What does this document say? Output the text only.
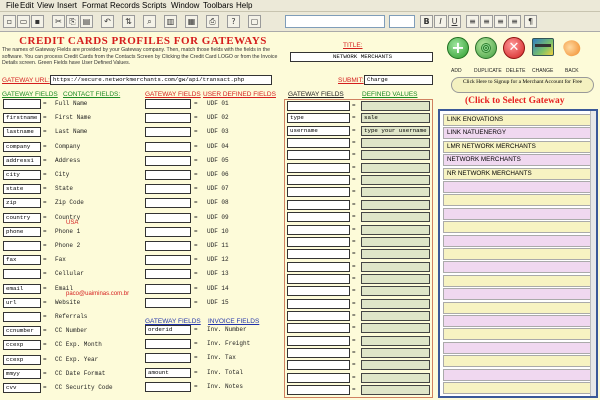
File Edit View Insert Format Records Scripts Window Toolbars Help
▫ ▭ ▪	✂ ⎘ ▤	↶	⇅	⌕	▥	▦	⎙	?	▢	B	I	U	≡ ≡ ≡ ≡	¶
CREDIT CARDS PROFILES FOR GATEWAYS
The names of Gateway Fields are provided by your Gateway company. Then, match those fields with the fields in the software. You can process Credit Cards from the Contacts Screen by Clicking the Credit Card LOGO or from the Invoice Details screen. Green Fields have User Defined Values.
TITLE:
NETWORK MERCHANTS
GATEWAY URL: https://secure.networkmerchants.com/gw/api/transact.php	SUBMIT: Charge
GATEWAY FIELDS CONTACT FIELDS:	GATEWAY FIELDS USER DEFINED FIELDS GATEWAY FIELDS	DEFINED VALUES
= Full Name
firstname = First Name
lastname	= Last Name
company	= Company
address1	= Address
city	= City
state	= State
zip	= Zip Code
country	= Country
USA
phone	= Phone 1
= Phone 2
fax	= Fax
= Cellular
email	= Email
paco@uaiminas.com.br
url	= Website
= Referrals
ccnumber	= CC Number
ccexp	= CC Exp. Month
ccexp	= CC Exp. Year
mmyy	= CC Date Format
cvv	= CC Security Code
= UDF 01
= UDF 02
= UDF 03
= UDF 04
= UDF 05
= UDF 06
= UDF 07
= UDF 08
= UDF 09
= UDF 10
= UDF 11
= UDF 12
= UDF 13
= UDF 14
= UDF 15
GATEWAY FIELDS INVOICE FIELDS
orderid	= Inv. Number
= Inv. Freight
= Inv. Tax
amount	= Inv. Total
= Inv. Notes
=
type	=	sale
username	=	type your username
=
=
=
=
=
=
=
=
=
=
=
=
=
=
=
=
=
=
=
=
=
+	✕
ADD DUPLICATE DELETE CHANGE BACK
Click Here to Signup for a Merchant Account for Free
(Click to Select Gateway
LINK ENOVATIONS
LINK NATUENERGY
LMR NETWORK MERCHANTS
NETWORK MERCHANTS
NR NETWORK MERCHANTS
